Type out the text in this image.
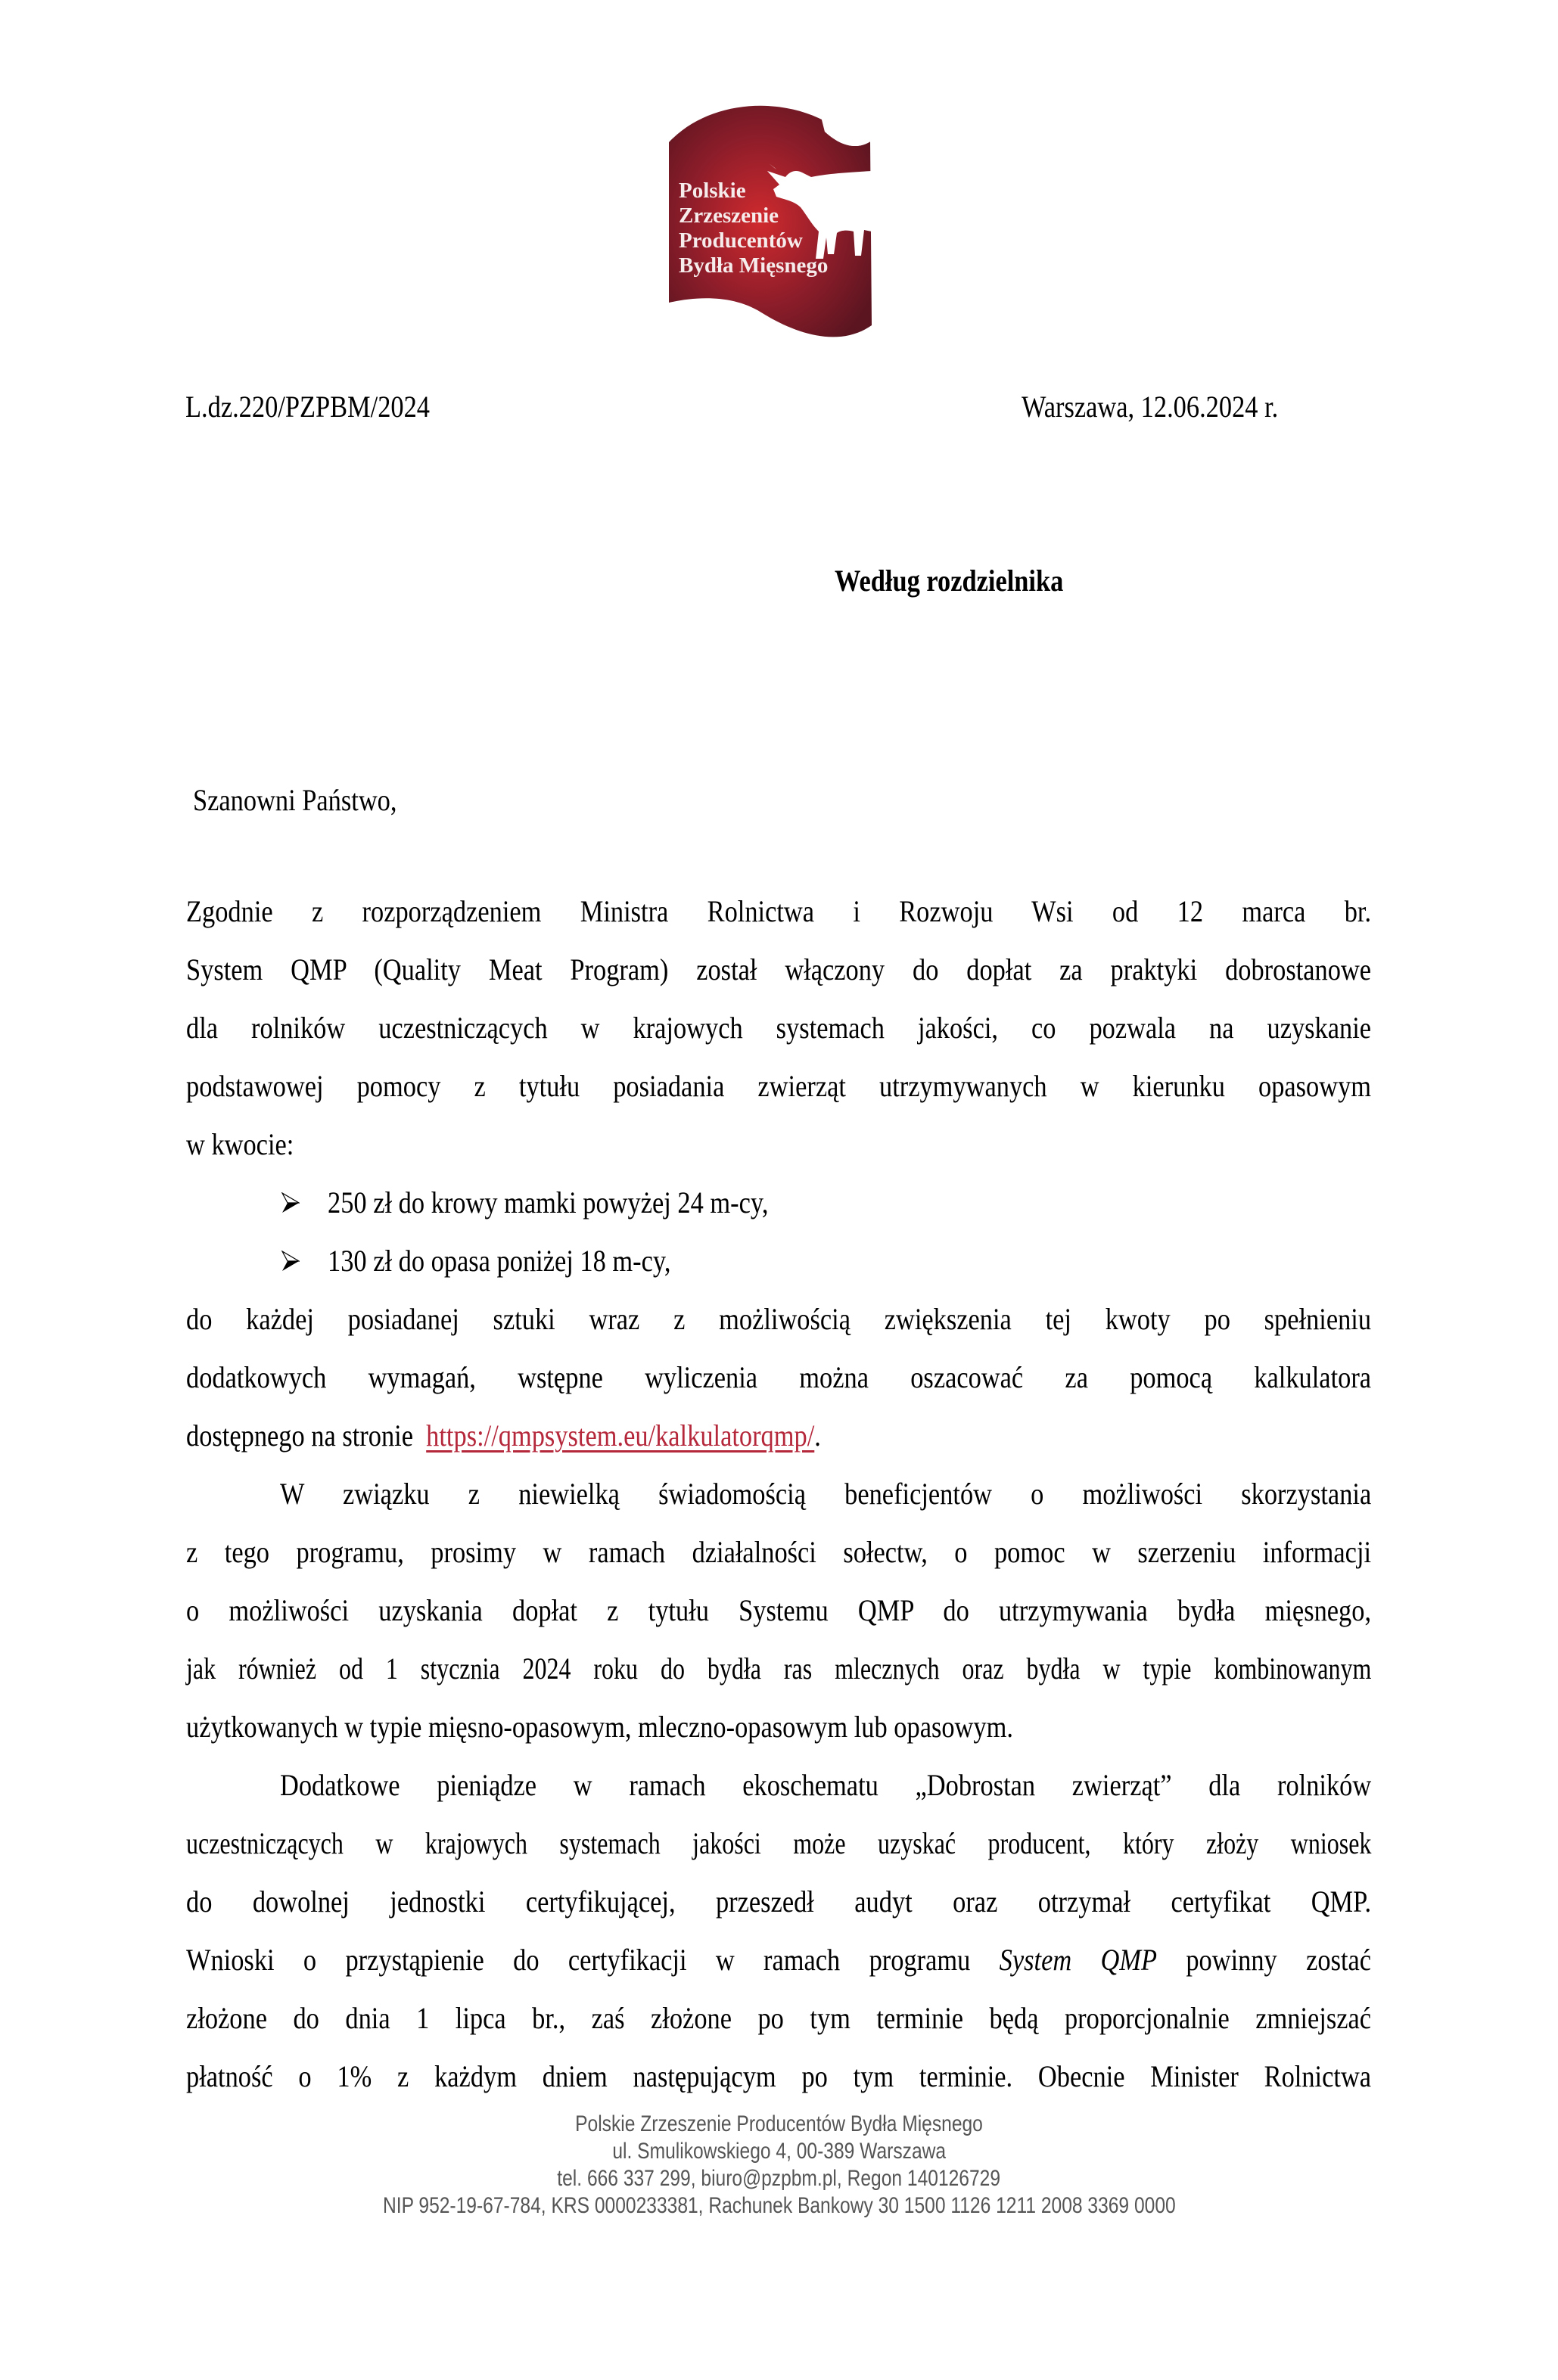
Polskie
Zrzeszenie
Producentów
Bydła Mięsnego
L.dz.220/PZPBM/2024	Warszawa, 12.06.2024 r.
Według rozdzielnika
Szanowni Państwo,
Zgodnie z rozporządzeniem Ministra Rolnictwa i Rozwoju Wsi od 12 marca br.
System QMP (Quality Meat Program) został włączony do dopłat za praktyki dobrostanowe
dla rolników uczestniczących w krajowych systemach jakości, co pozwala na uzyskanie
podstawowej pomocy z tytułu posiadania zwierząt utrzymywanych w kierunku opasowym
w kwocie:
250 zł do krowy mamki powyżej 24 m-cy,
130 zł do opasa poniżej 18 m-cy,
do każdej posiadanej sztuki wraz z możliwością zwiększenia tej kwoty po spełnieniu
dodatkowych wymagań, wstępne wyliczenia można oszacować za pomocą kalkulatora
dostępnego na stronie https://qmpsystem.eu/kalkulatorqmp/.
W związku z niewielką świadomością beneficjentów o możliwości skorzystania
z tego programu, prosimy w ramach działalności sołectw, o pomoc w szerzeniu informacji
o możliwości uzyskania dopłat z tytułu Systemu QMP do utrzymywania bydła mięsnego,
jak również od 1 stycznia 2024 roku do bydła ras mlecznych oraz bydła w typie kombinowanym
użytkowanych w typie mięsno-opasowym, mleczno-opasowym lub opasowym.
Dodatkowe pieniądze w ramach ekoschematu „Dobrostan zwierząt” dla rolników
uczestniczących w krajowych systemach jakości może uzyskać producent, który złoży wniosek
do dowolnej jednostki certyfikującej, przeszedł audyt oraz otrzymał certyfikat QMP.
Wnioski o przystąpienie do certyfikacji w ramach programu System QMP powinny zostać
złożone do dnia 1 lipca br., zaś złożone po tym terminie będą proporcjonalnie zmniejszać
płatność o 1% z każdym dniem następującym po tym terminie. Obecnie Minister Rolnictwa
Polskie Zrzeszenie Producentów Bydła Mięsnego
ul. Smulikowskiego 4, 00-389 Warszawa
tel. 666 337 299, biuro@pzpbm.pl, Regon 140126729
NIP 952-19-67-784, KRS 0000233381, Rachunek Bankowy 30 1500 1126 1211 2008 3369 0000
